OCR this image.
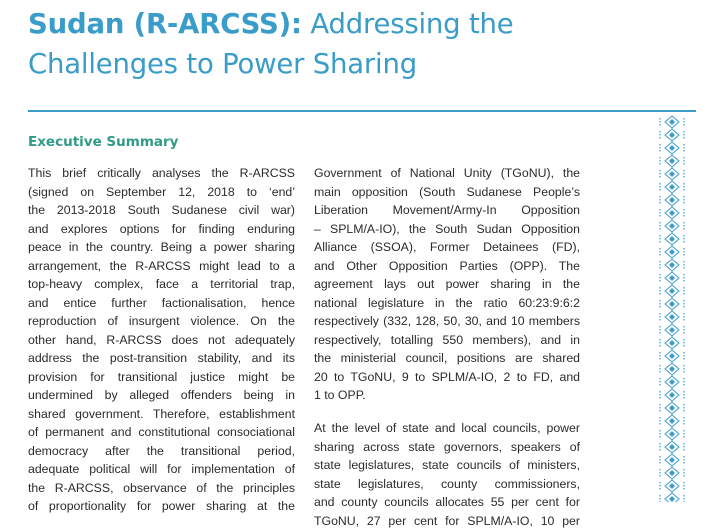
Sudan (R-ARCSS): Addressing the
Challenges to Power Sharing
Executive Summary
This brief critically analyses the R-ARCSS
(signed on September 12, 2018 to ‘end’
the 2013-2018 South Sudanese civil war)
and explores options for finding enduring
peace in the country. Being a power sharing
arrangement, the R-ARCSS might lead to a
top-heavy complex, face a territorial trap,
and entice further factionalisation, hence
reproduction of insurgent violence. On the
other hand, R-ARCSS does not adequately
address the post-transition stability, and its
provision for transitional justice might be
undermined by alleged offenders being in
shared government. Therefore, establishment
of permanent and constitutional consociational
democracy after the transitional period,
adequate political will for implementation of
the R-ARCSS, observance of the principles
of proportionality for power sharing at the
Government of National Unity (TGoNU), the
main opposition (South Sudanese People’s
Liberation Movement/Army-In Opposition
– SPLM/A-IO), the South Sudan Opposition
Alliance (SSOA), Former Detainees (FD),
and Other Opposition Parties (OPP). The
agreement lays out power sharing in the
national legislature in the ratio 60:23:9:6:2
respectively (332, 128, 50, 30, and 10 members
respectively, totalling 550 members), and in
the ministerial council, positions are shared
20 to TGoNU, 9 to SPLM/A-IO, 2 to FD, and
1 to OPP.
At the level of state and local councils, power
sharing across state governors, speakers of
state legislatures, state councils of ministers,
state legislatures, county commissioners,
and county councils allocates 55 per cent for
TGoNU, 27 per cent for SPLM/A-IO, 10 per
